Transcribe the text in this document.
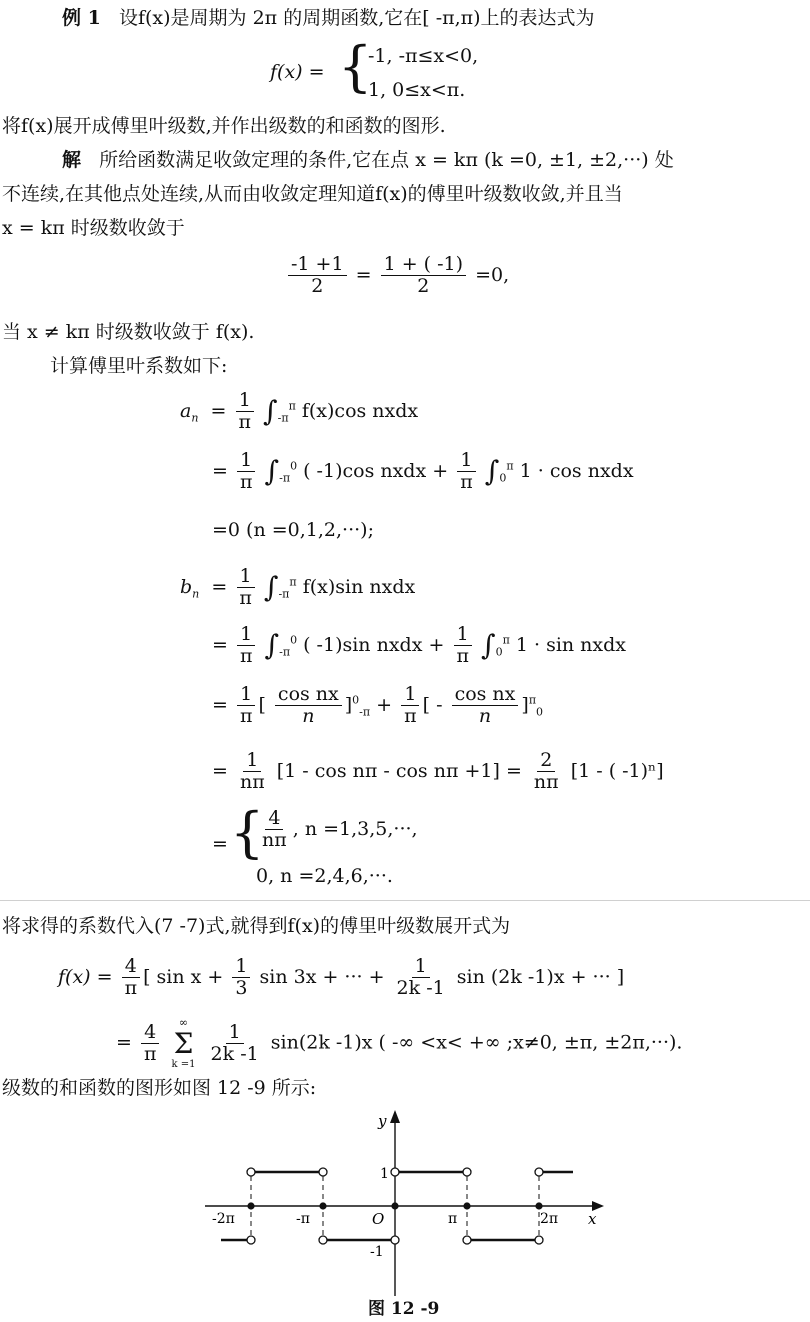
例 1 设f(x)是周期为 2π 的周期函数,它在[ -π,π)上的表达式为
f(x) = {
-1, -π≤x<0,
1, 0≤x<π.
将f(x)展开成傅里叶级数,并作出级数的和函数的图形.
解 所给函数满足收敛定理的条件,它在点 x = kπ (k =0, ±1, ±2,···) 处
不连续,在其他点处连续,从而由收敛定理知道f(x)的傅里叶级数收敛,并且当
x = kπ 时级数收敛于
$\frac{-1 +1}{2} = \frac{1 + ( -1)}{2} =0$,
当 x ≠ kπ 时级数收敛于 f(x).
计算傅里叶系数如下:
$a_n = \frac{1}{\pi} \int_{-\pi}^\pi$ f(x)cos nxdx
= $\frac{1}{\pi} \int_{-\pi}^0$ ( -1)cos nxdx + $\frac{1}{\pi} \int_0^\pi$ 1 · cos nxdx
=0 (n =0,1,2,···);
$b_n = \frac{1}{\pi} \int_{-\pi}^\pi$ f(x)sin nxdx
= $\frac{1}{\pi} \int_{-\pi}^0$ ( -1)sin nxdx + $\frac{1}{\pi} \int_0^\pi$ 1 · sin nxdx
= $\frac{1}{\pi}$ [ $\frac{\text{cos nx}}{n} ]^0_{-\pi} + \frac{1}{\pi}$ [ - $\frac{\text{cos nx}}{n} ]^\pi_0$
= $\frac{1}{n\pi} [1 - \cos n\pi - \cos n\pi +1] = \frac{2}{n\pi} [1$ - ( -1)ⁿ]
= {
$\frac{4}{n\pi}$ , n =1,3,5,···,
0, n =2,4,6,···.
将求得的系数代入(7 -7)式,就得到f(x)的傅里叶级数展开式为
$f(x) = \frac{4}{\pi}$ [ $\sin x + \frac{1}{3}$ sin 3x + ··· + $\frac{1}{2k -1}$ sin (2k -1)x + ··· ]
= $\frac{4}{\pi}$
∞
Σ
k =1
$\frac{1}{2k -1} \sin(2k$ -1)x ( -∞ <x< +∞ ;x≠0, ±π, ±2π,···).
级数的和函数的图形如图 12 -9 所示:
y
x
O
1
-1
-2π	-π	π	2π
图 12 -9
